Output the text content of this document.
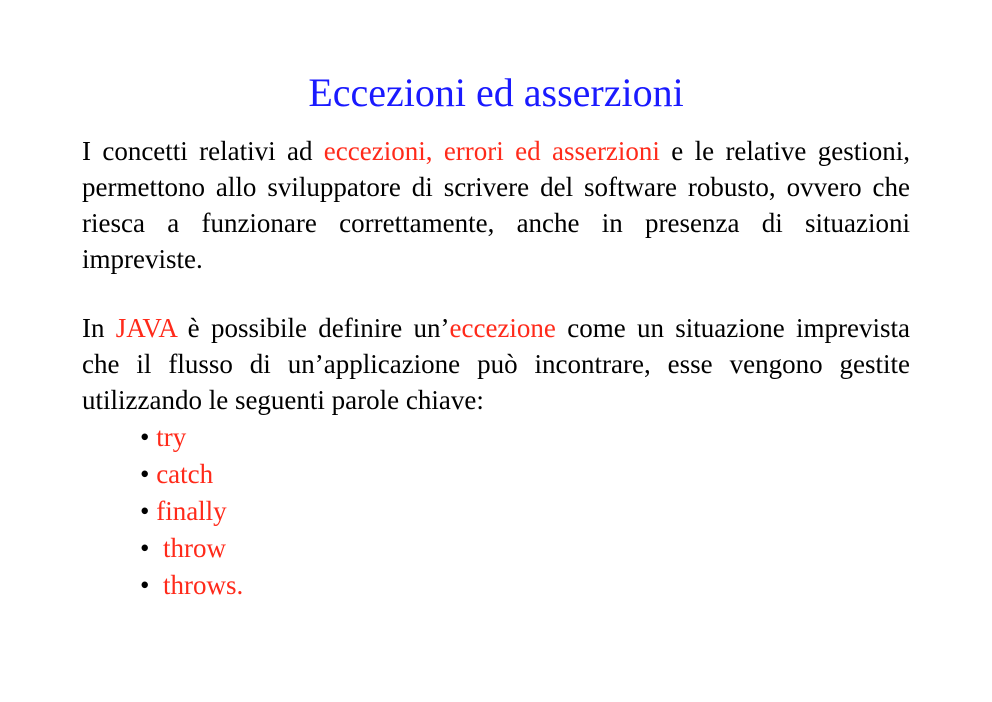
Eccezioni ed asserzioni
I concetti relativi ad eccezioni, errori ed asserzioni e le relative gestioni, permettono allo sviluppatore di scrivere del software robusto, ovvero che riesca a funzionare correttamente, anche in presenza di situazioni impreviste.
In JAVA è possibile definire un’eccezione come un situazione imprevista che il flusso di un’applicazione può incontrare, esse vengono gestite utilizzando le seguenti parole chiave:
• try
• catch
• finally
• throw
• throws.
